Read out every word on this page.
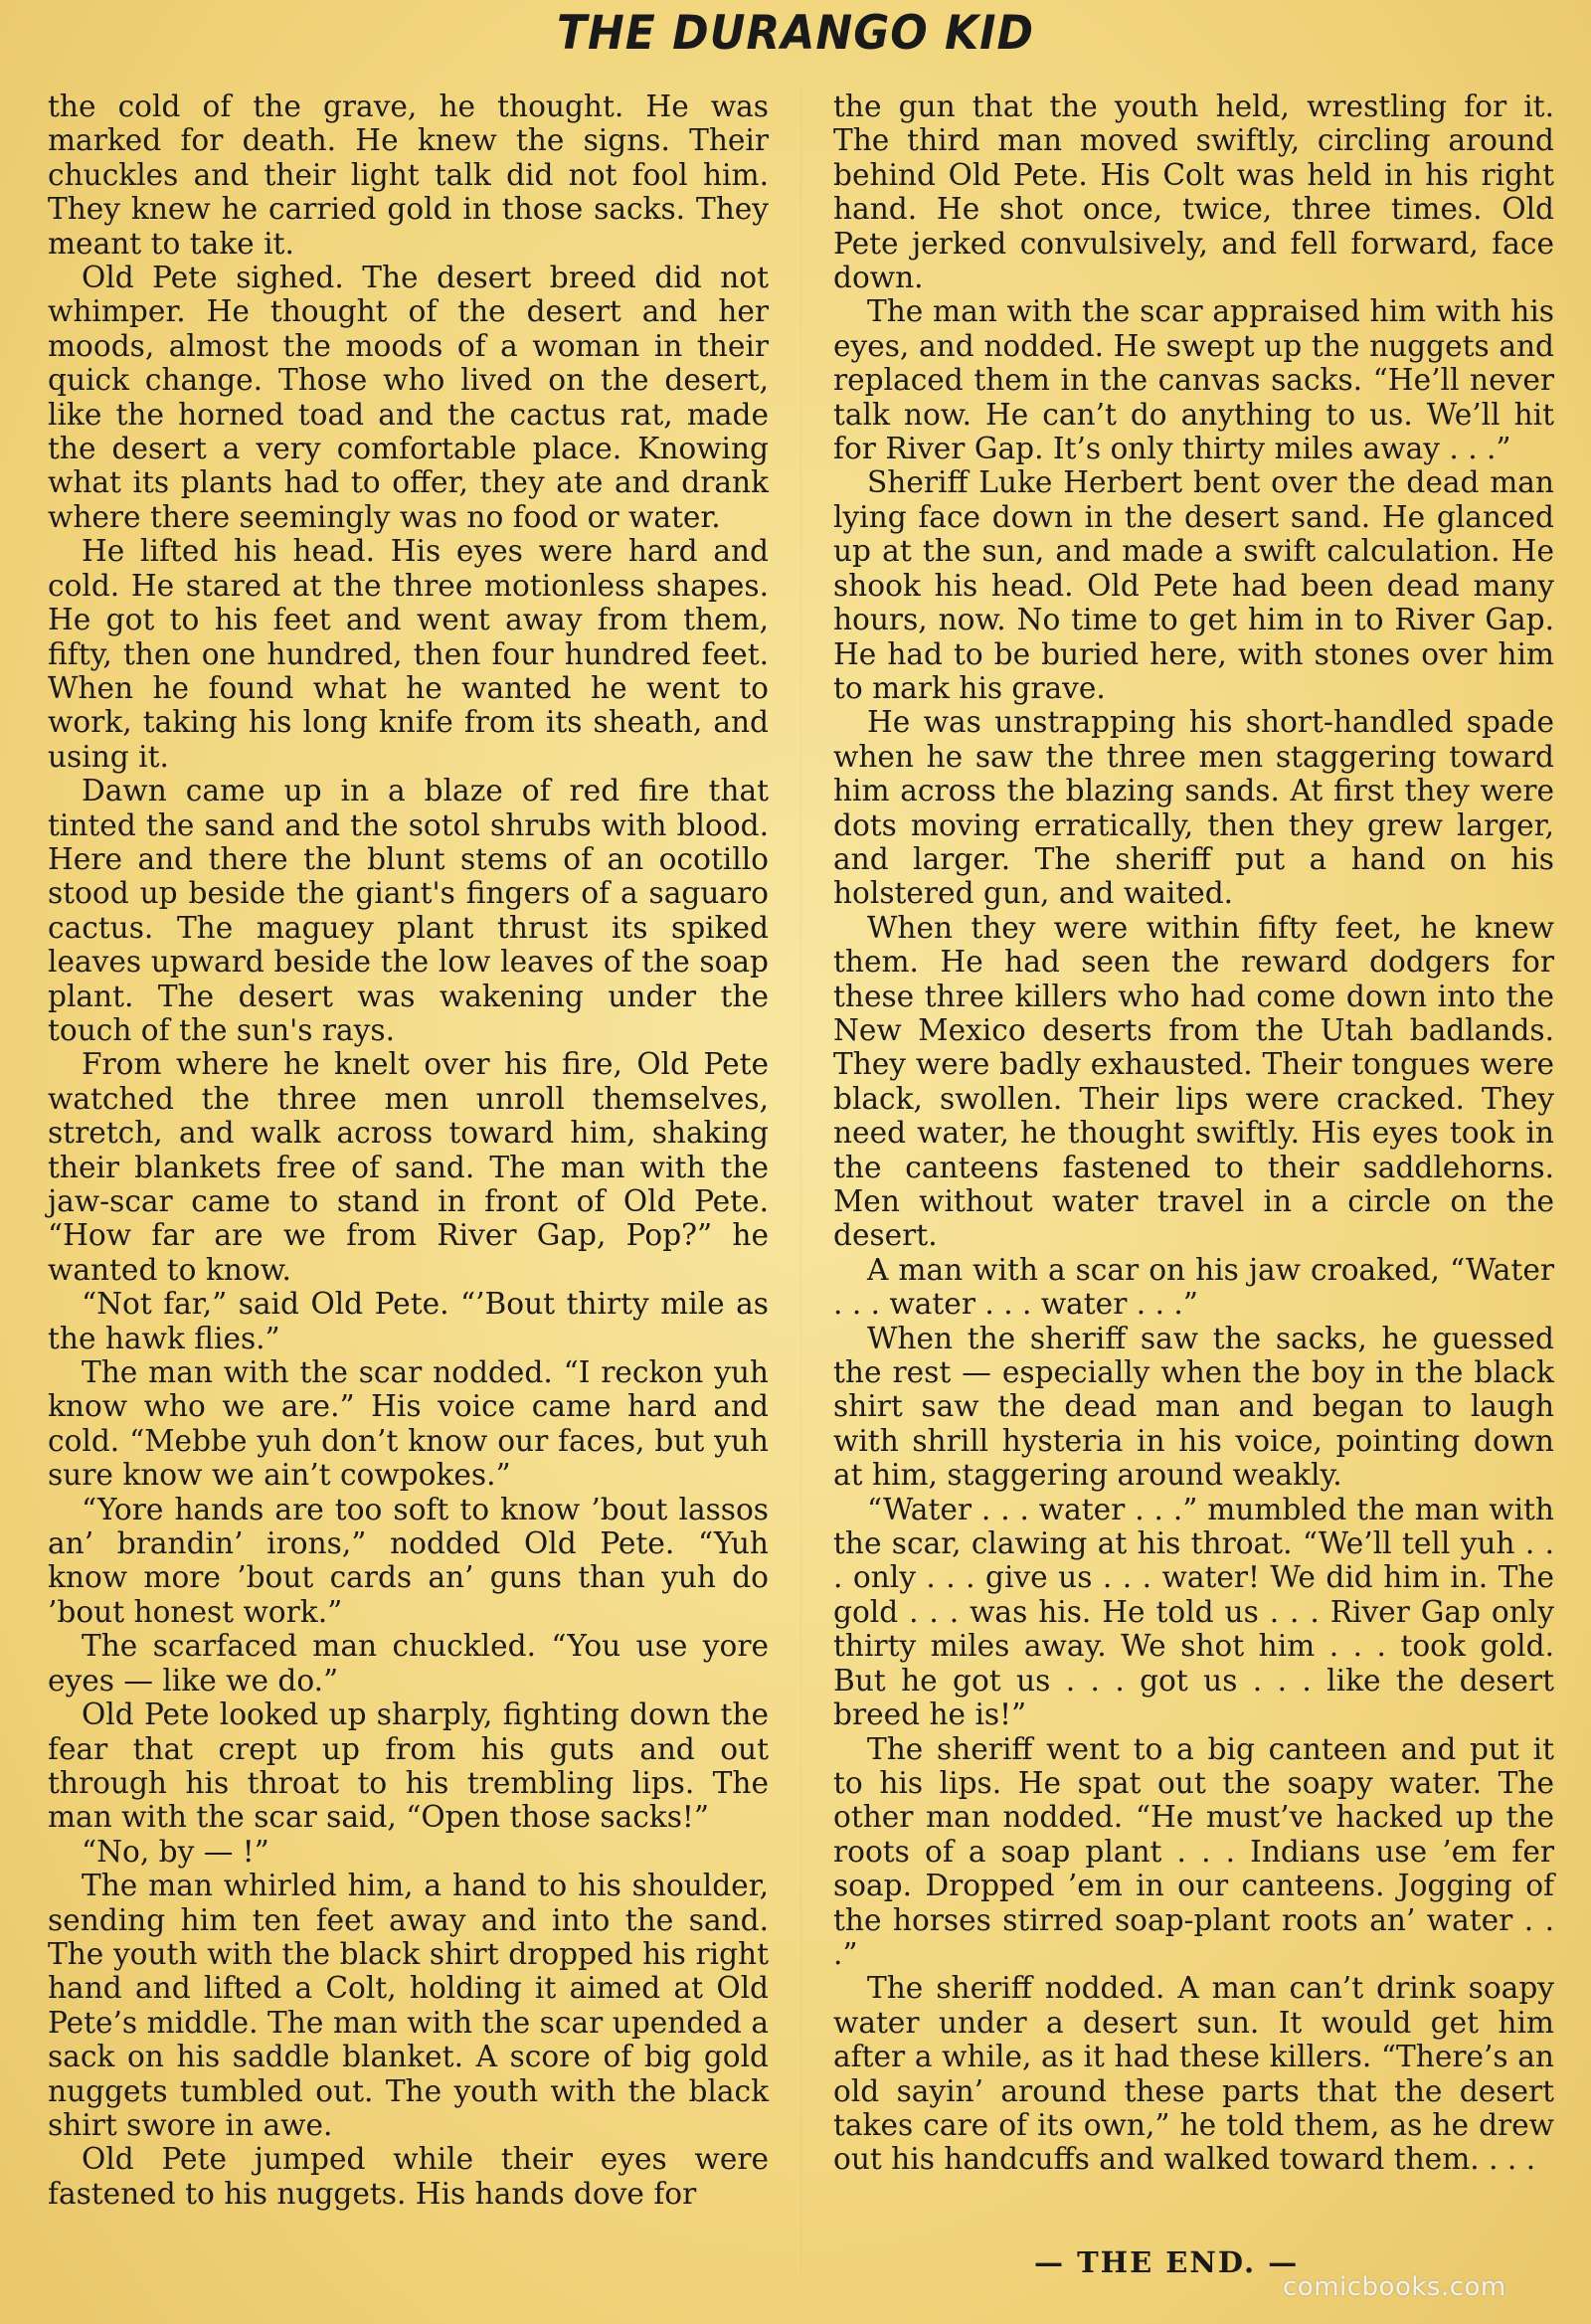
THE DURANGO KID

the cold of the grave, he thought. He was marked for death. He knew the signs. Their chuckles and their light talk did not fool him. They knew he carried gold in those sacks. They meant to take it.

Old Pete sighed. The desert breed did not whimper. He thought of the desert and her moods, almost the moods of a woman in their quick change. Those who lived on the desert, like the horned toad and the cactus rat, made the desert a very comfortable place. Knowing what its plants had to offer, they ate and drank where there seemingly was no food or water.

He lifted his head. His eyes were hard and cold. He stared at the three motionless shapes. He got to his feet and went away from them, fifty, then one hundred, then four hundred feet. When he found what he wanted he went to work, taking his long knife from its sheath, and using it.

Dawn came up in a blaze of red fire that tinted the sand and the sotol shrubs with blood. Here and there the blunt stems of an ocotillo stood up beside the giant's fingers of a saguaro cactus. The maguey plant thrust its spiked leaves upward beside the low leaves of the soap plant. The desert was wakening under the touch of the sun's rays.

From where he knelt over his fire, Old Pete watched the three men unroll themselves, stretch, and walk across toward him, shaking their blankets free of sand. The man with the jaw-scar came to stand in front of Old Pete. “How far are we from River Gap, Pop?” he wanted to know.

“Not far,” said Old Pete. “’Bout thirty mile as the hawk flies.”

The man with the scar nodded. “I reckon yuh know who we are.” His voice came hard and cold. “Mebbe yuh don’t know our faces, but yuh sure know we ain’t cowpokes.”

“Yore hands are too soft to know ’bout lassos an’ brandin’ irons,” nodded Old Pete. “Yuh know more ’bout cards an’ guns than yuh do ’bout honest work.”

The scarfaced man chuckled. “You use yore eyes — like we do.”

Old Pete looked up sharply, fighting down the fear that crept up from his guts and out through his throat to his trembling lips. The man with the scar said, “Open those sacks!”

“No, by — !”

The man whirled him, a hand to his shoulder, sending him ten feet away and into the sand. The youth with the black shirt dropped his right hand and lifted a Colt, holding it aimed at Old Pete’s middle. The man with the scar upended a sack on his saddle blanket. A score of big gold nuggets tumbled out. The youth with the black shirt swore in awe.

Old Pete jumped while their eyes were fastened to his nuggets. His hands dove for

the gun that the youth held, wrestling for it. The third man moved swiftly, circling around behind Old Pete. His Colt was held in his right hand. He shot once, twice, three times. Old Pete jerked convulsively, and fell forward, face down.

The man with the scar appraised him with his eyes, and nodded. He swept up the nuggets and replaced them in the canvas sacks. “He’ll never talk now. He can’t do anything to us. We’ll hit for River Gap. It’s only thirty miles away . . .”

Sheriff Luke Herbert bent over the dead man lying face down in the desert sand. He glanced up at the sun, and made a swift calculation. He shook his head. Old Pete had been dead many hours, now. No time to get him in to River Gap. He had to be buried here, with stones over him to mark his grave.

He was unstrapping his short-handled spade when he saw the three men staggering toward him across the blazing sands. At first they were dots moving erratically, then they grew larger, and larger. The sheriff put a hand on his holstered gun, and waited.

When they were within fifty feet, he knew them. He had seen the reward dodgers for these three killers who had come down into the New Mexico deserts from the Utah badlands. They were badly exhausted. Their tongues were black, swollen. Their lips were cracked. They need water, he thought swiftly. His eyes took in the canteens fastened to their saddlehorns. Men without water travel in a circle on the desert.

A man with a scar on his jaw croaked, “Water . . . water . . . water . . .”

When the sheriff saw the sacks, he guessed the rest — especially when the boy in the black shirt saw the dead man and began to laugh with shrill hysteria in his voice, pointing down at him, staggering around weakly.

“Water . . . water . . .” mumbled the man with the scar, clawing at his throat. “We’ll tell yuh . . . only . . . give us . . . water! We did him in. The gold . . . was his. He told us . . . River Gap only thirty miles away. We shot him . . . took gold. But he got us . . . got us . . . like the desert breed he is!”

The sheriff went to a big canteen and put it to his lips. He spat out the soapy water. The other man nodded. “He must’ve hacked up the roots of a soap plant . . . Indians use ’em fer soap. Dropped ’em in our canteens. Jogging of the horses stirred soap-plant roots an’ water . . .”

The sheriff nodded. A man can’t drink soapy water under a desert sun. It would get him after a while, as it had these killers. “There’s an old sayin’ around these parts that the desert takes care of its own,” he told them, as he drew out his handcuffs and walked toward them. . . .

— THE END. —
comicbooks.com
